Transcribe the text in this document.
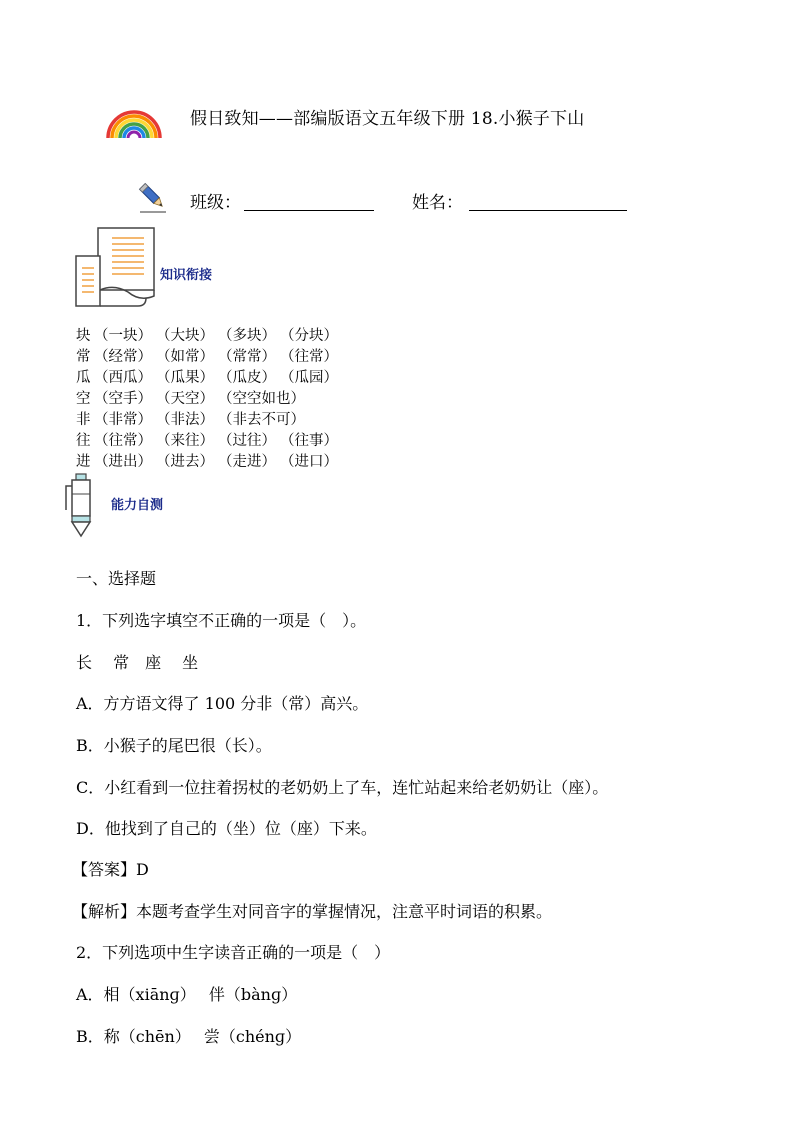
假日致知——部编版语文五年级下册 18.小猴子下山
班级：	姓名：
知识衔接
块 （一块） （大块） （多块） （分块）
常 （经常） （如常） （常常） （往常）
瓜 （西瓜） （瓜果） （瓜皮） （瓜园）
空 （空手） （天空） （空空如也）
非 （非常） （非法） （非去不可）
往 （往常） （来往） （过往） （往事）
进 （进出） （进去） （走进） （进口）
能力自测
一、选择题
1．下列选字填空不正确的一项是（　）。
长　 常　座　 坐
A．方方语文得了 100 分非（常）高兴。
B．小猴子的尾巴很（长）。
C．小红看到一位拄着拐杖的老奶奶上了车，连忙站起来给老奶奶让（座）。
D．他找到了自己的（坐）位（座）下来。
【答案】D
【解析】本题考查学生对同音字的掌握情况，注意平时词语的积累。
2．下列选项中生字读音正确的一项是（　）
A．相（xiānɡ）　 伴（bànɡ）
B．称（chēn）　 尝（chénɡ）
